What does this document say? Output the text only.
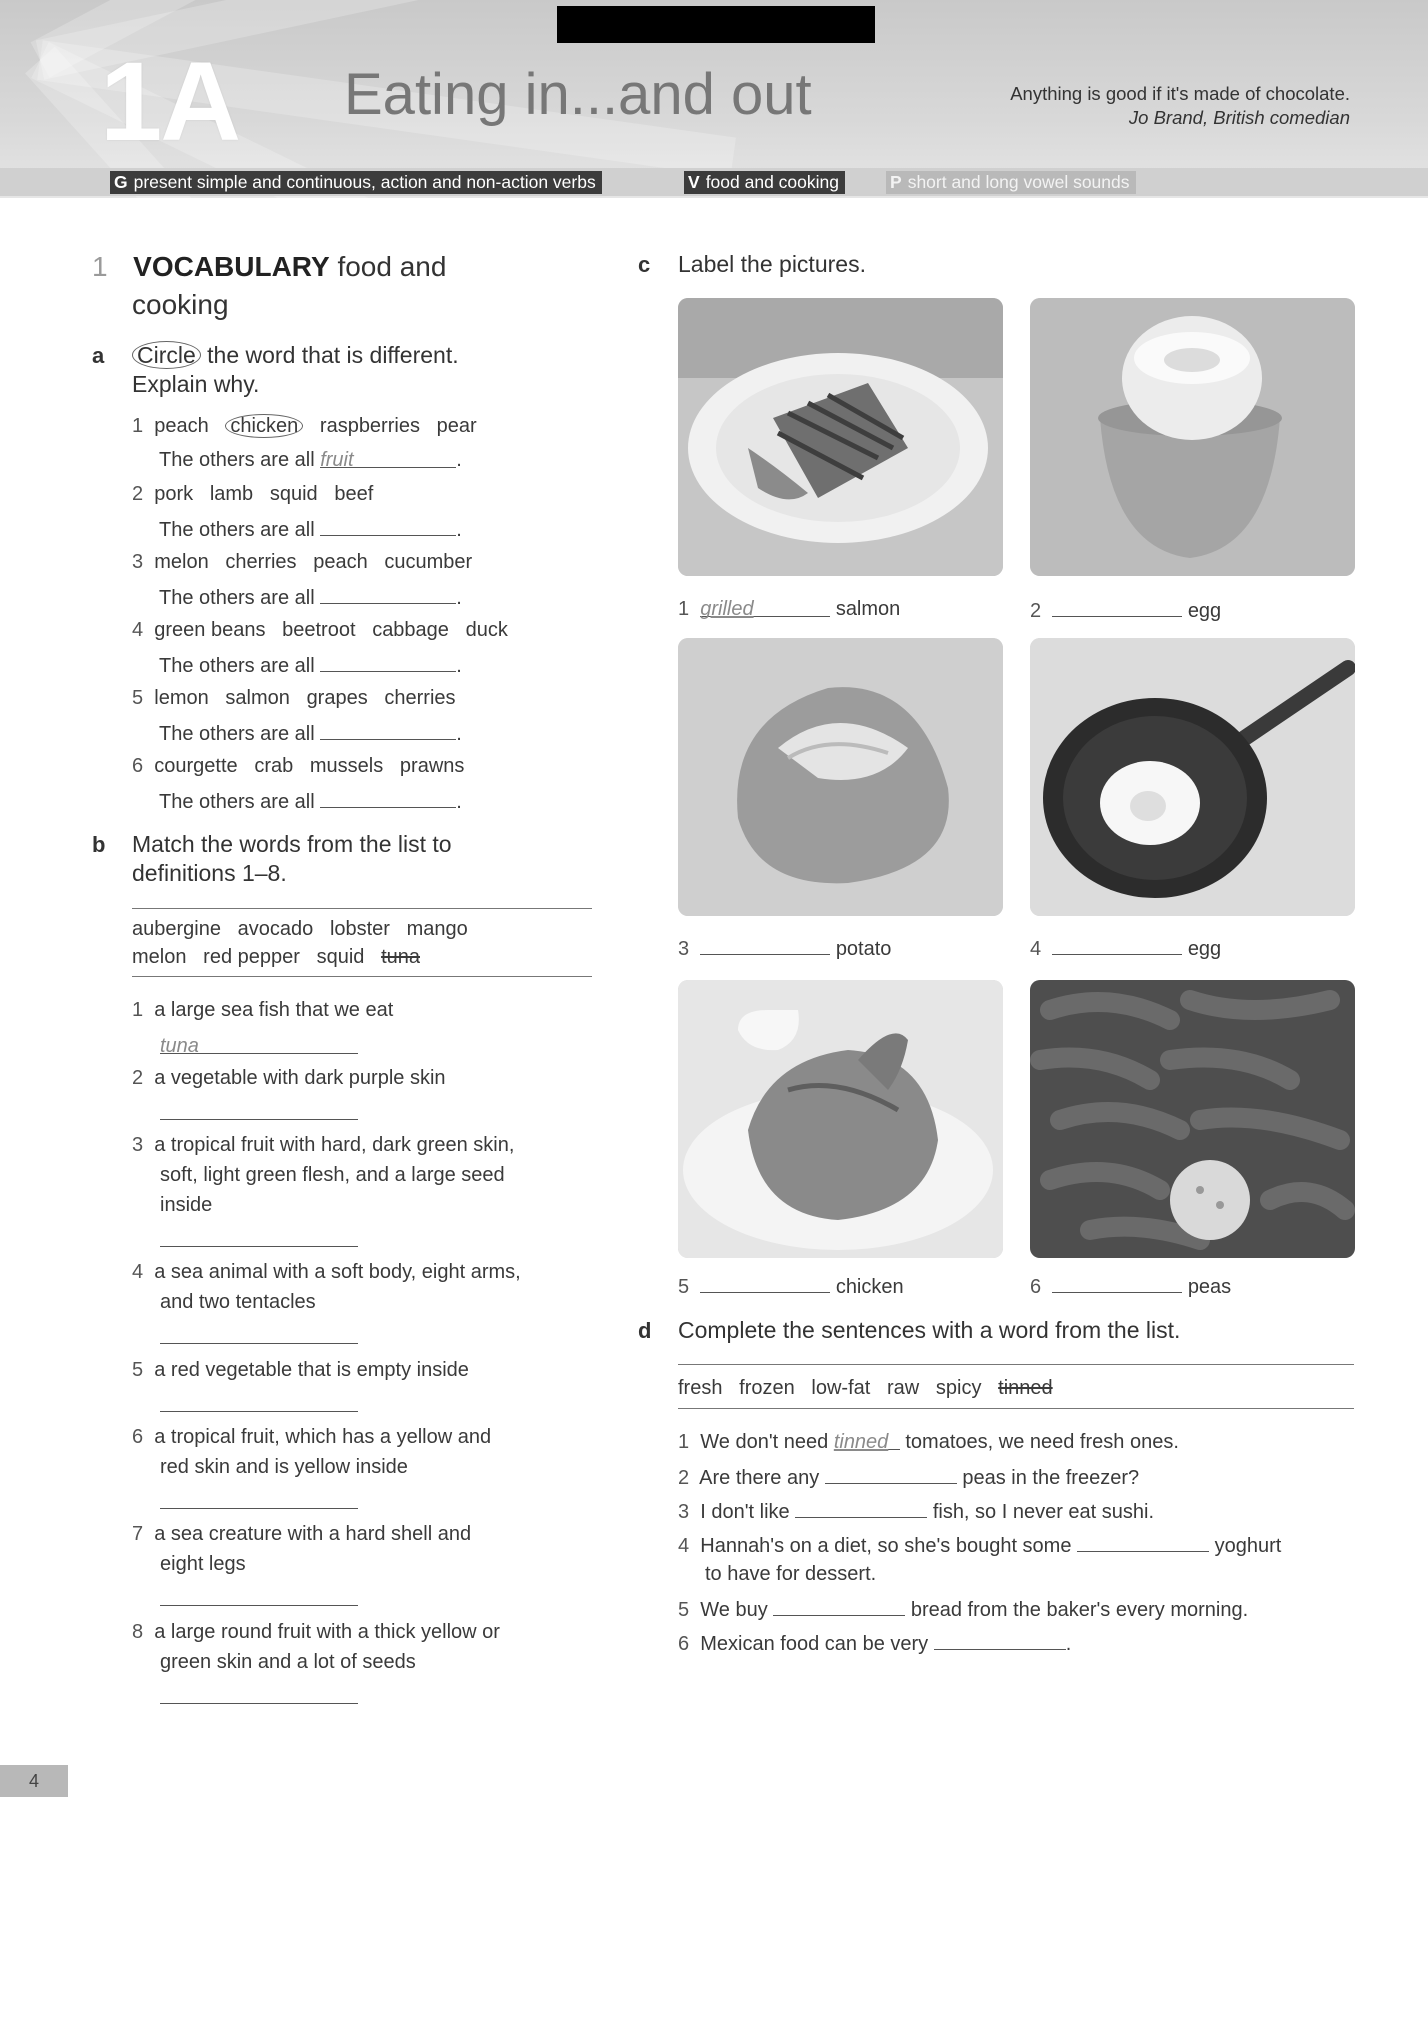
1A Eating in...and out	Anything is good if it's made of chocolate.
Jo Brand, British comedian
G present simple and continuous, action and non-action verbs	V food and cooking	P short and long vowel sounds
1 VOCABULARY food and
cooking
a Circle the word that is different.
Explain why.
1 peach chicken raspberries pear
The others are all fruit	.
2 pork lamb squid beef
The others are all	.
3 melon cherries peach cucumber
The others are all	.
4 green beans beetroot cabbage duck
The others are all	.
5 lemon salmon grapes cherries
The others are all	.
6 courgette crab mussels prawns
The others are all	.
b Match the words from the list to
definitions 1–8.
aubergine avocado lobster mango
melon red pepper squid tuna
1 a large sea fish that we eat
tuna
2 a vegetable with dark purple skin
3 a tropical fruit with hard, dark green skin,
soft, light green flesh, and a large seed
inside
4 a sea animal with a soft body, eight arms,
and two tentacles
5 a red vegetable that is empty inside
6 a tropical fruit, which has a yellow and
red skin and is yellow inside
7 a sea creature with a hard shell and
eight legs
8 a large round fruit with a thick yellow or
green skin and a lot of seeds
c Label the pictures.
1 grilled	salmon	2	egg
3	potato	4	egg
5	chicken	6	peas
d Complete the sentences with a word from the list.
fresh frozen low-fat raw spicy tinned
1 We don't need tinned tomatoes, we need fresh ones.
2 Are there any	peas in the freezer?
3 I don't like	fish, so I never eat sushi.
4 Hannah's on a diet, so she's bought some	yoghurt
to have for dessert.
5 We buy	bread from the baker's every morning.
6 Mexican food can be very	.
4
